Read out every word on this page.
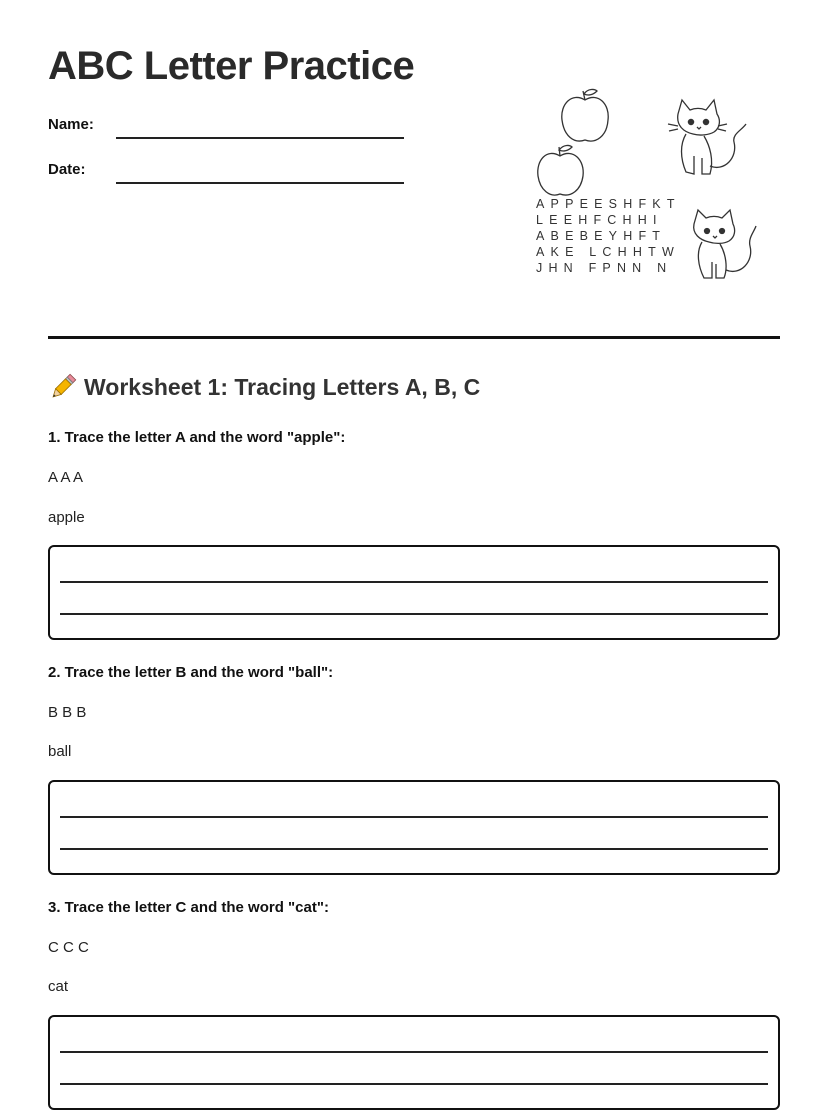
ABC Letter Practice
Name:
Date:
APPEESHFKT
LEEHFCHHI
ABEBEYHFT
AKE LCHHTW
JHN FPNN N
Worksheet 1: Tracing Letters A, B, C

1. Trace the letter A and the word "apple":

A A A

apple

2. Trace the letter B and the word "ball":

B B B

ball

3. Trace the letter C and the word "cat":

C C C

cat
